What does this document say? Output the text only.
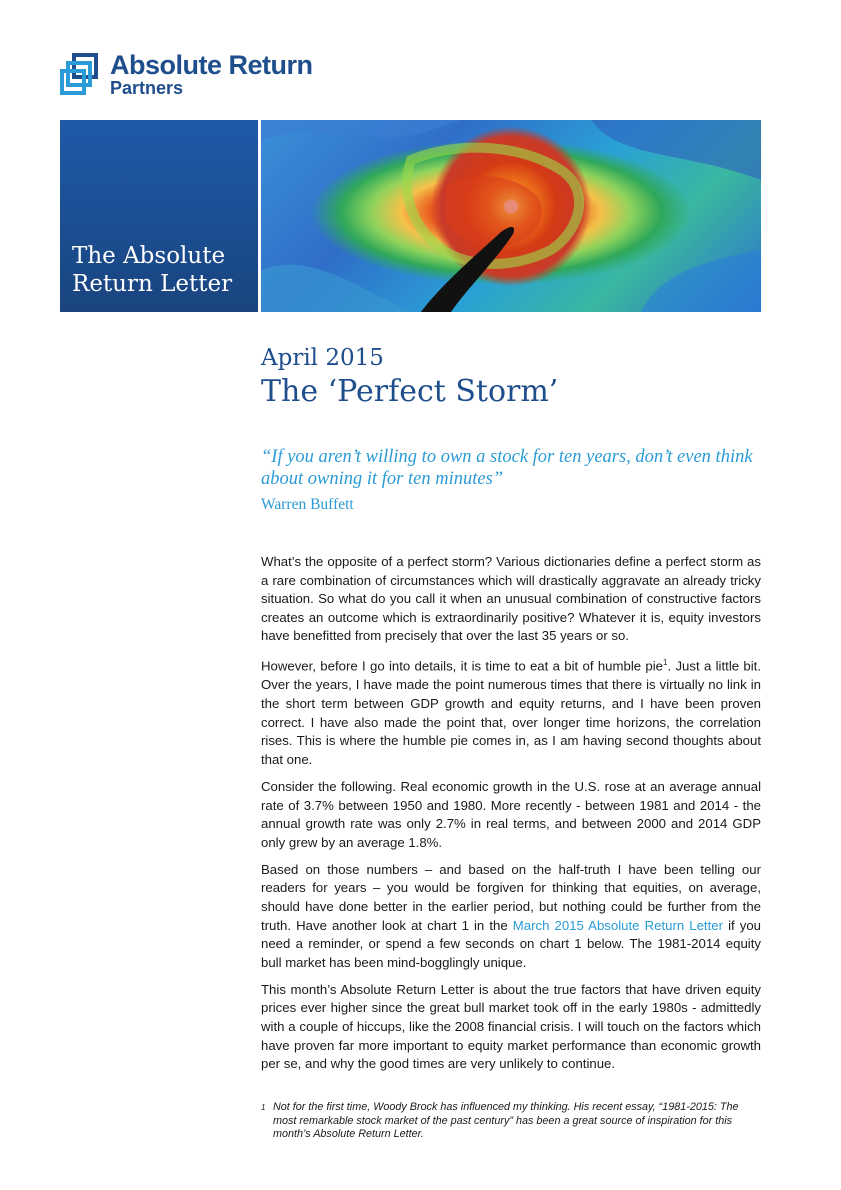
Absolute Return
Partners
The Absolute Return Letter
April 2015
The ‘Perfect Storm’
“If you aren’t willing to own a stock for ten years, don’t even think about owning it for ten minutes”
Warren Buffett

What’s the opposite of a perfect storm? Various dictionaries define a perfect storm as a rare combination of circumstances which will drastically aggravate an already tricky situation. So what do you call it when an unusual combination of constructive factors creates an outcome which is extraordinarily positive? Whatever it is, equity investors have benefitted from precisely that over the last 35 years or so.

However, before I go into details, it is time to eat a bit of humble pie$^1$. Just a little bit. Over the years, I have made the point numerous times that there is virtually no link in the short term between GDP growth and equity returns, and I have been proven correct. I have also made the point that, over longer time horizons, the correlation rises. This is where the humble pie comes in, as I am having second thoughts about that one.

Consider the following. Real economic growth in the U.S. rose at an average annual rate of 3.7% between 1950 and 1980. More recently - between 1981 and 2014 - the annual growth rate was only 2.7% in real terms, and between 2000 and 2014 GDP only grew by an average 1.8%.

Based on those numbers – and based on the half-truth I have been telling our readers for years – you would be forgiven for thinking that equities, on average, should have done better in the earlier period, but nothing could be further from the truth. Have another look at chart 1 in the March 2015 Absolute Return Letter if you need a reminder, or spend a few seconds on chart 1 below. The 1981-2014 equity bull market has been mind-bogglingly unique.

This month’s Absolute Return Letter is about the true factors that have driven equity prices ever higher since the great bull market took off in the early 1980s - admittedly with a couple of hiccups, like the 2008 financial crisis. I will touch on the factors which have proven far more important to equity market performance than economic growth per se, and why the good times are very unlikely to continue.

1 Not for the first time, Woody Brock has influenced my thinking. His recent essay, “1981-2015: The most remarkable stock market of the past century” has been a great source of inspiration for this month’s Absolute Return Letter.
